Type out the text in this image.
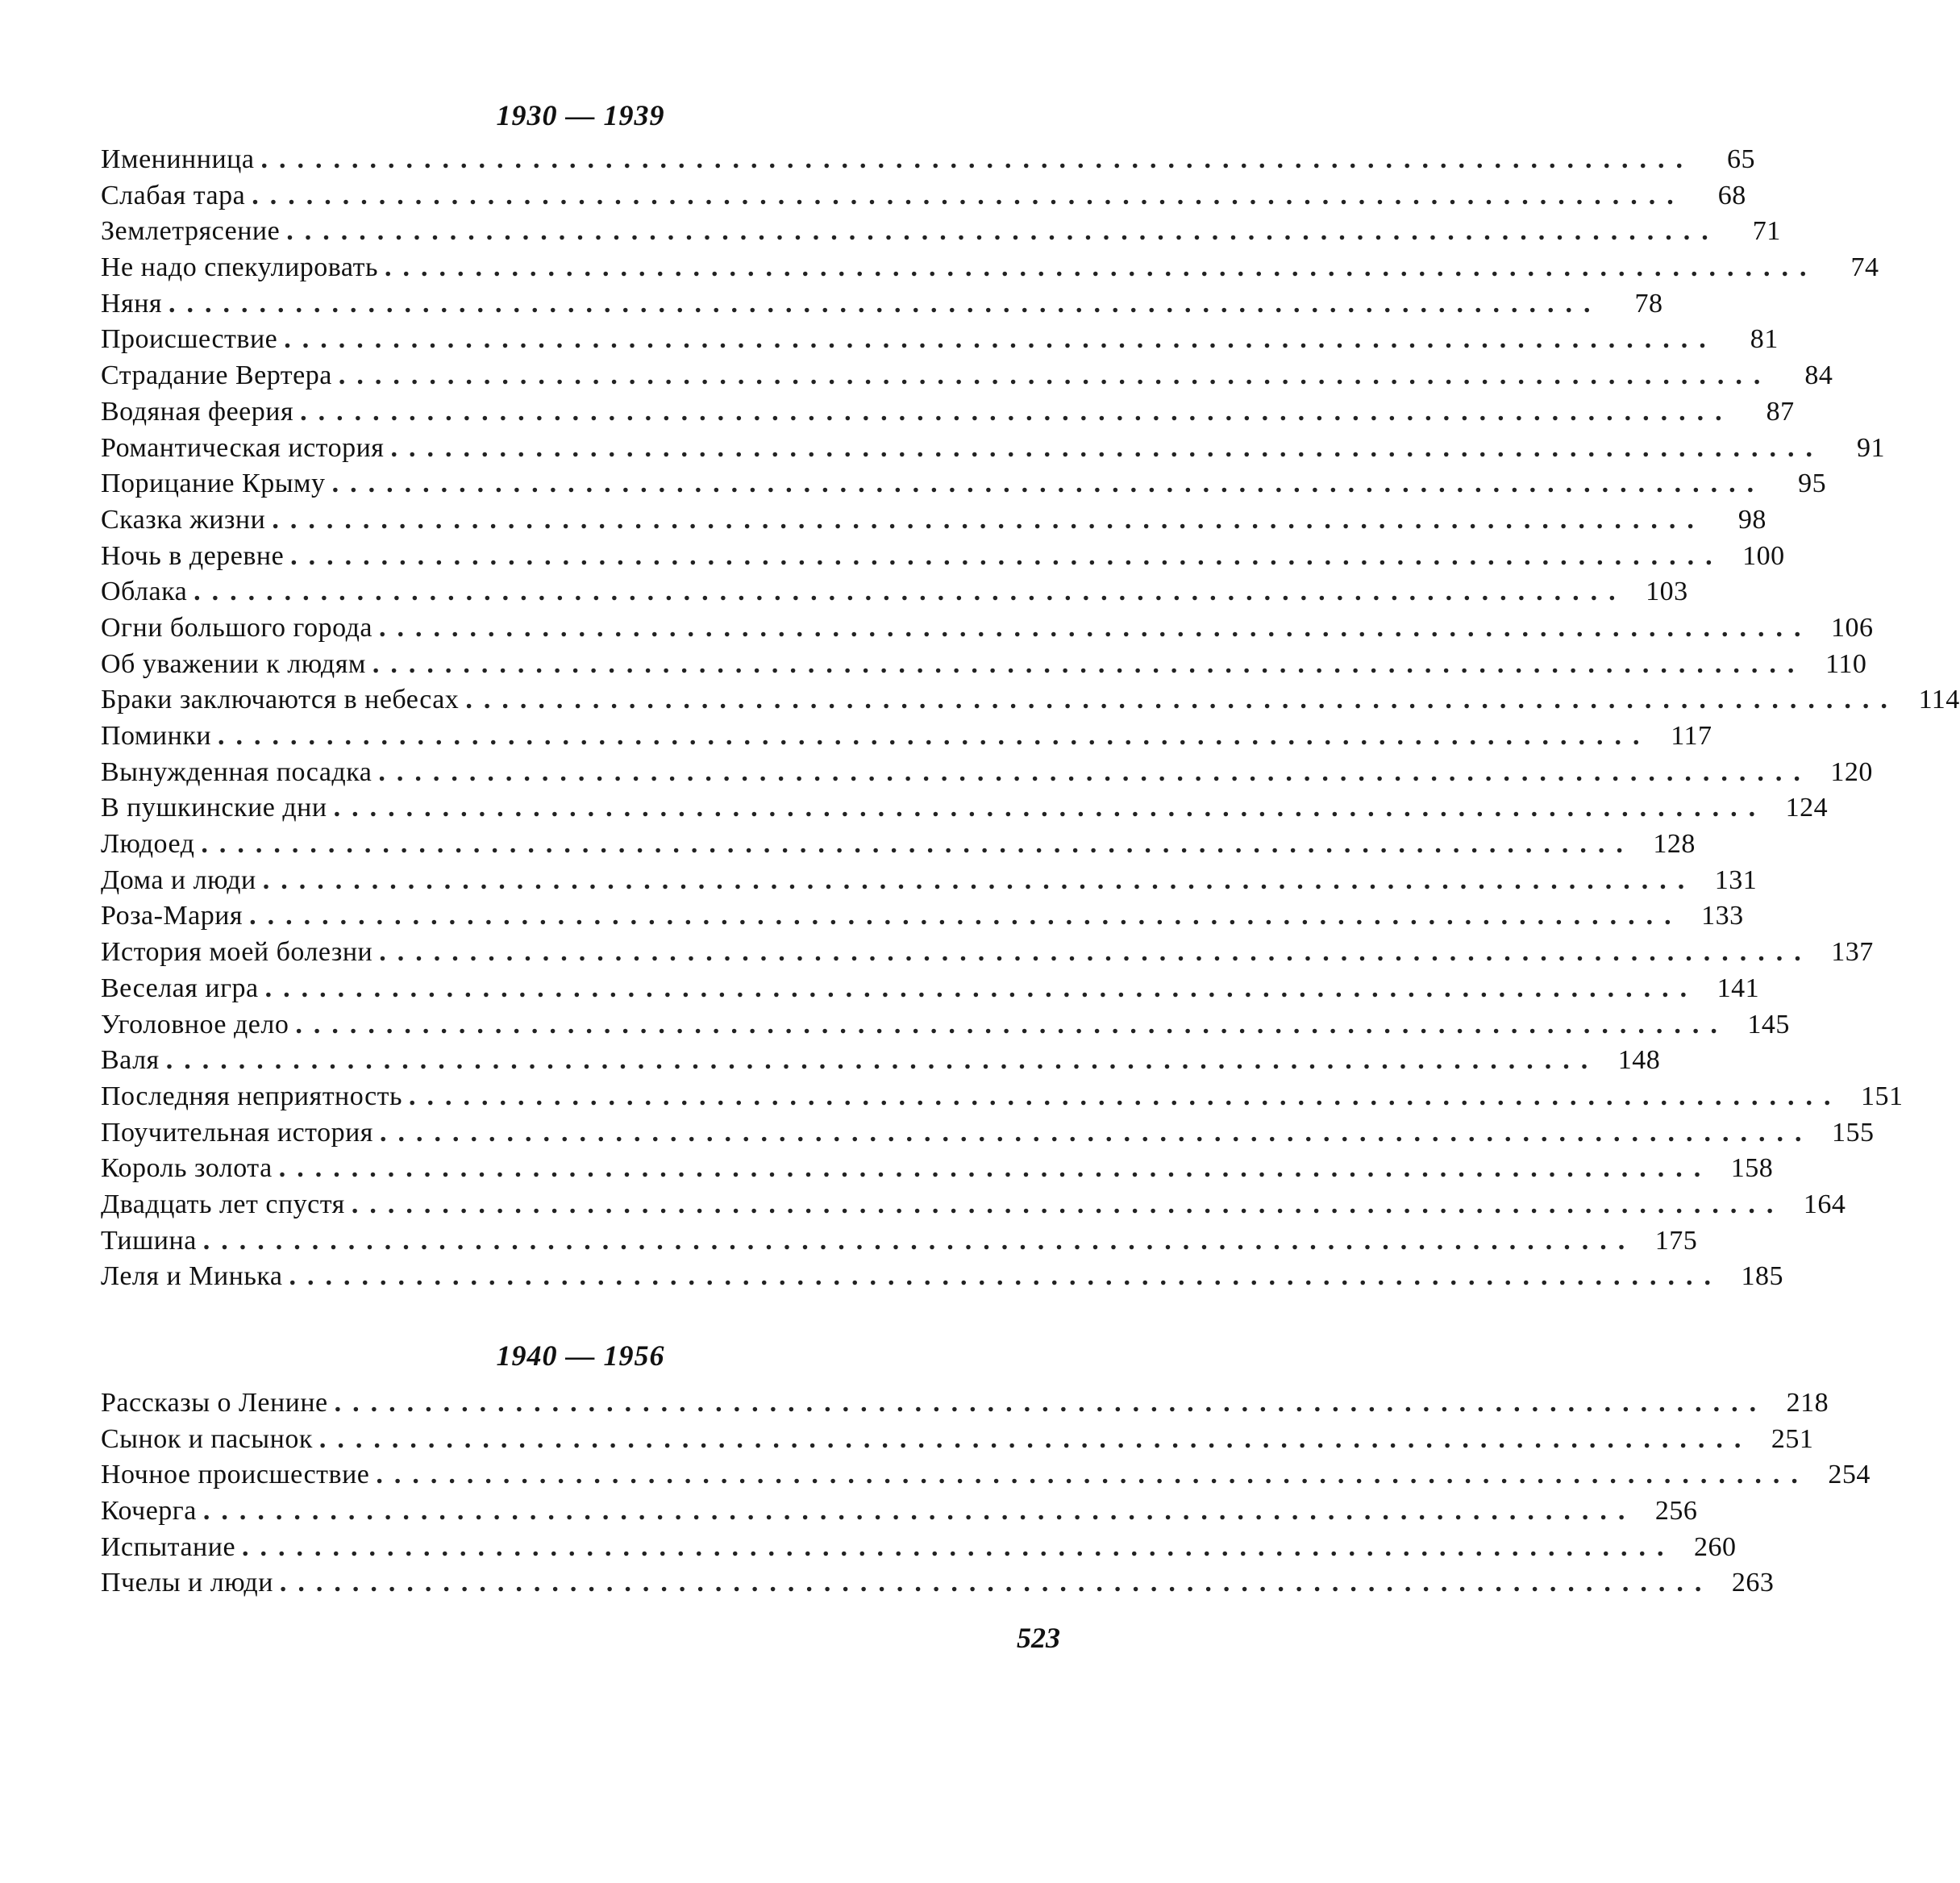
1930 — 1939
Именинница ...............................................................................	65
Слабая тара ...............................................................................	68
Землетрясение ...............................................................................	71
Не надо спекулировать ...............................................................................	74
Няня ...............................................................................	78
Происшествие ...............................................................................	81
Страдание Вертера ...............................................................................	84
Водяная феерия ...............................................................................	87
Романтическая история ...............................................................................	91
Порицание Крыму ...............................................................................	95
Сказка жизни ...............................................................................	98
Ночь в деревне ............................................................................... 100
Облака ............................................................................... 103
Огни большого города ............................................................................... 106
Об уважении к людям ............................................................................... 110
Браки заключаются в небесах ............................................................................... 114
Поминки ............................................................................... 117
Вынужденная посадка ............................................................................... 120
В пушкинские дни ............................................................................... 124
Людоед ............................................................................... 128
Дома и люди ............................................................................... 131
Роза-Мария ............................................................................... 133
История моей болезни ............................................................................... 137
Веселая игра ............................................................................... 141
Уголовное дело ............................................................................... 145
Валя ............................................................................... 148
Последняя неприятность ............................................................................... 151
Поучительная история ............................................................................... 155
Король золота ............................................................................... 158
Двадцать лет спустя ............................................................................... 164
Тишина ............................................................................... 175
Леля и Минька ............................................................................... 185
1940 — 1956
Рассказы о Ленине ............................................................................... 218
Сынок и пасынок ............................................................................... 251
Ночное происшествие ............................................................................... 254
Кочерга ............................................................................... 256
Испытание ............................................................................... 260
Пчелы и люди ............................................................................... 263
523
